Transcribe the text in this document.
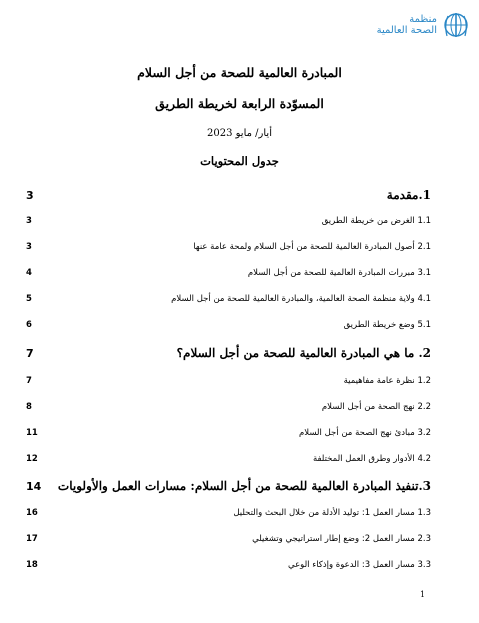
منظمة
الصحة العالمية
المبادرة العالمية للصحة من أجل السلام
المسوّدة الرابعة لخريطة الطريق
أيار/ مايو 2023
جدول المحتويات
3	1.مقدمة
3	1.1 الغرض من خريطة الطريق
3	2.1 أصول المبادرة العالمية للصحة من أجل السلام ولمحة عامة عنها
4	3.1 مبررات المبادرة العالمية للصحة من أجل السلام
5	4.1 ولاية منظمة الصحة العالمية، والمبادرة العالمية للصحة من أجل السلام
6	5.1 وضع خريطة الطريق
7	2. ما هي المبادرة العالمية للصحة من أجل السلام؟
7	1.2 نظرة عامة مفاهيمية
8	2.2 نهج الصحة من أجل السلام
11	3.2 مبادئ نهج الصحة من أجل السلام
12	4.2 الأدوار وطرق العمل المختلفة
14 3.تنفيذ المبادرة العالمية للصحة من أجل السلام: مسارات العمل والأولويات
16	1.3 مسار العمل 1: توليد الأدلة من خلال البحث والتحليل
17	2.3 مسار العمل 2: وضع إطار استراتيجي وتشغيلي
18	3.3 مسار العمل 3: الدعوة وإذكاء الوعي
1
